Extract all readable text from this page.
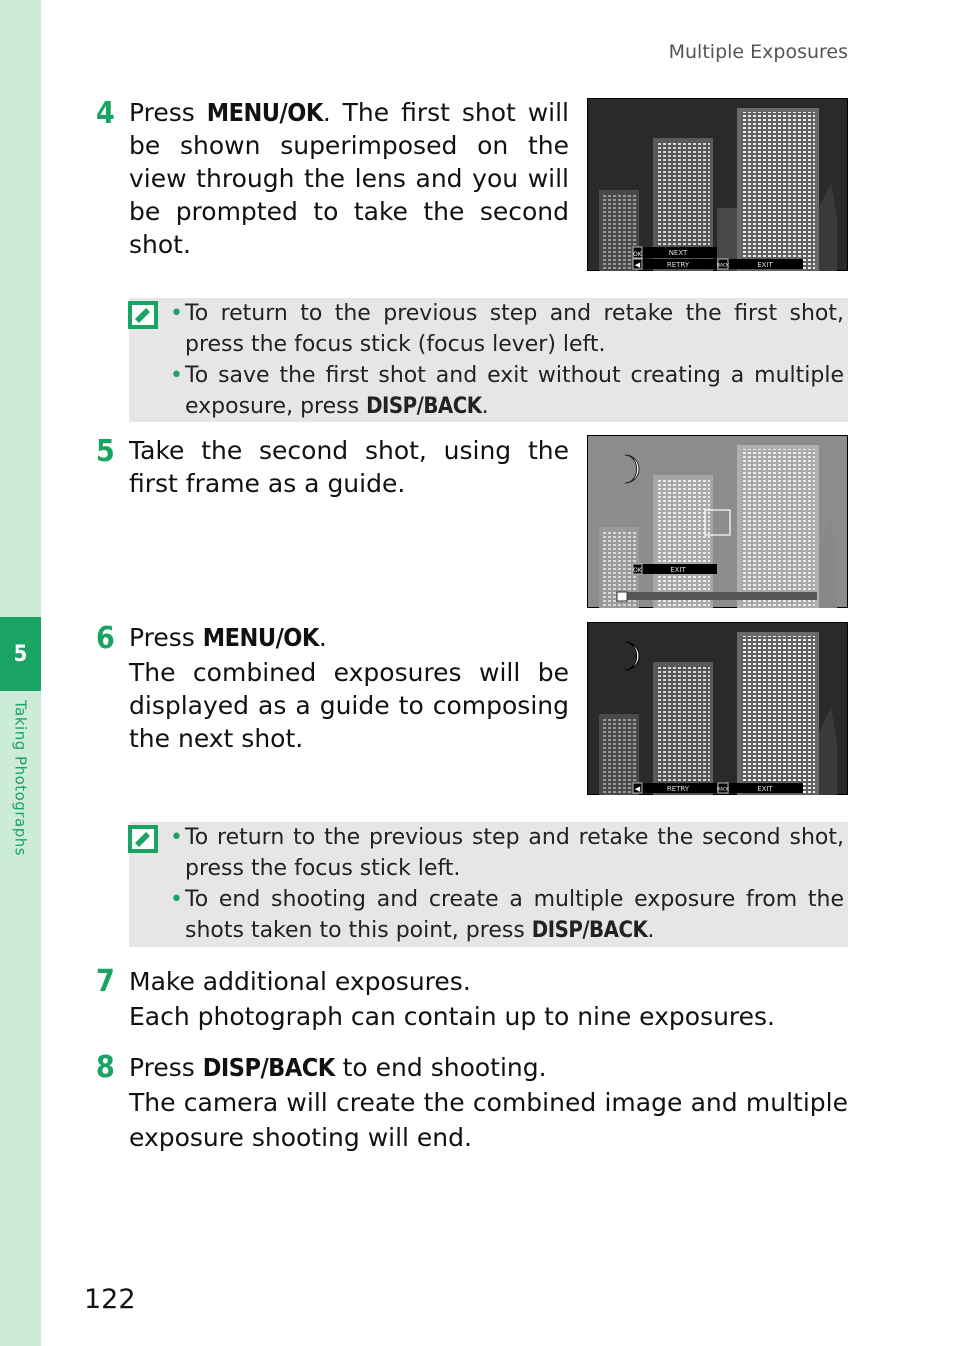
5
Taking Photographs
Multiple Exposures
4 Press MENU/OK. The first shot will be shown superimposed on the view through the lens and you will be prompted to take the second shot.	OK	NEXT
◀	RETRY	BACK	EXIT
• To return to the previous step and retake the first shot, press the focus stick (focus lever) left.
• To save the first shot and exit without creating a multiple exposure, press DISP/BACK.
5 Take the second shot, using the first frame as a guide.
OK	EXIT
6 Press MENU/OK.
The combined exposures will be displayed as a guide to composing the next shot.
◀	RETRY	BACK	EXIT
• To return to the previous step and retake the second shot, press the focus stick left.
• To end shooting and create a multiple exposure from the shots taken to this point, press DISP/BACK.
7 Make additional exposures.
Each photograph can contain up to nine exposures.
8 Press DISP/BACK to end shooting.
The camera will create the combined image and multiple exposure shooting will end.
122
